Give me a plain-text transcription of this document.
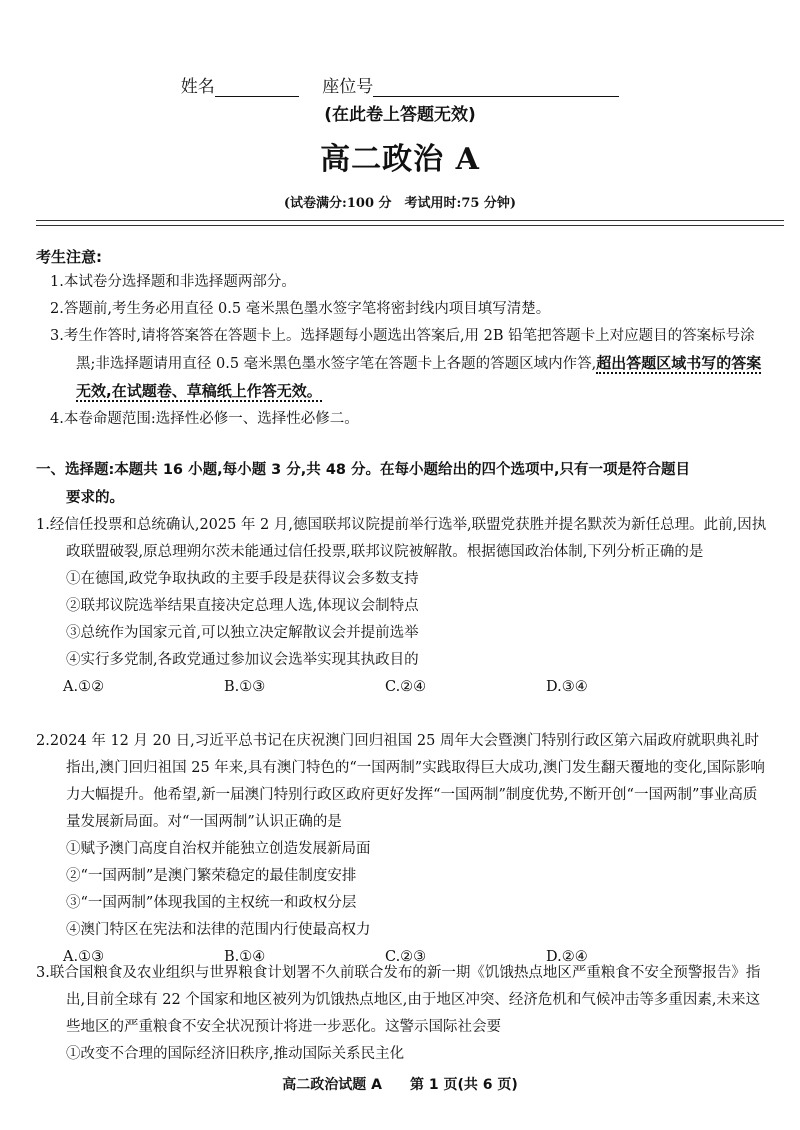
姓名	座位号
(在此卷上答题无效)
高二政治 A
(试卷满分:100 分　考试用时:75 分钟)
考生注意:
1.本试卷分选择题和非选择题两部分。
2.答题前,考生务必用直径 0.5 毫米黑色墨水签字笔将密封线内项目填写清楚。
3.考生作答时,请将答案答在答题卡上。选择题每小题选出答案后,用 2B 铅笔把答题卡上对应题目的答案标号涂黑;非选择题请用直径 0.5 毫米黑色墨水签字笔在答题卡上各题的答题区域内作答,超出答题区域书写的答案无效,在试题卷、草稿纸上作答无效。
4.本卷命题范围:选择性必修一、选择性必修二。
一、选择题:本题共 16 小题,每小题 3 分,共 48 分。在每小题给出的四个选项中,只有一项是符合题目
要求的。
1.经信任投票和总统确认,2025 年 2 月,德国联邦议院提前举行选举,联盟党获胜并提名默茨为新任总理。此前,因执政联盟破裂,原总理朔尔茨未能通过信任投票,联邦议院被解散。根据德国政治体制,下列分析正确的是
①在德国,政党争取执政的主要手段是获得议会多数支持
②联邦议院选举结果直接决定总理人选,体现议会制特点
③总统作为国家元首,可以独立决定解散议会并提前选举
④实行多党制,各政党通过参加议会选举实现其执政目的
A.①②	B.①③	C.②④	D.③④
2.2024 年 12 月 20 日,习近平总书记在庆祝澳门回归祖国 25 周年大会暨澳门特别行政区第六届政府就职典礼时指出,澳门回归祖国 25 年来,具有澳门特色的“一国两制”实践取得巨大成功,澳门发生翻天覆地的变化,国际影响力大幅提升。他希望,新一届澳门特别行政区政府更好发挥“一国两制”制度优势,不断开创“一国两制”事业高质量发展新局面。对“一国两制”认识正确的是
①赋予澳门高度自治权并能独立创造发展新局面
②“一国两制”是澳门繁荣稳定的最佳制度安排
③“一国两制”体现我国的主权统一和政权分层
④澳门特区在宪法和法律的范围内行使最高权力
A.①③	B.①④	C.②③	D.②④
3.联合国粮食及农业组织与世界粮食计划署不久前联合发布的新一期《饥饿热点地区严重粮食不安全预警报告》指出,目前全球有 22 个国家和地区被列为饥饿热点地区,由于地区冲突、经济危机和气候冲击等多重因素,未来这些地区的严重粮食不安全状况预计将进一步恶化。这警示国际社会要
①改变不合理的国际经济旧秩序,推动国际关系民主化
高二政治试题 A 第 1 页(共 6 页)
